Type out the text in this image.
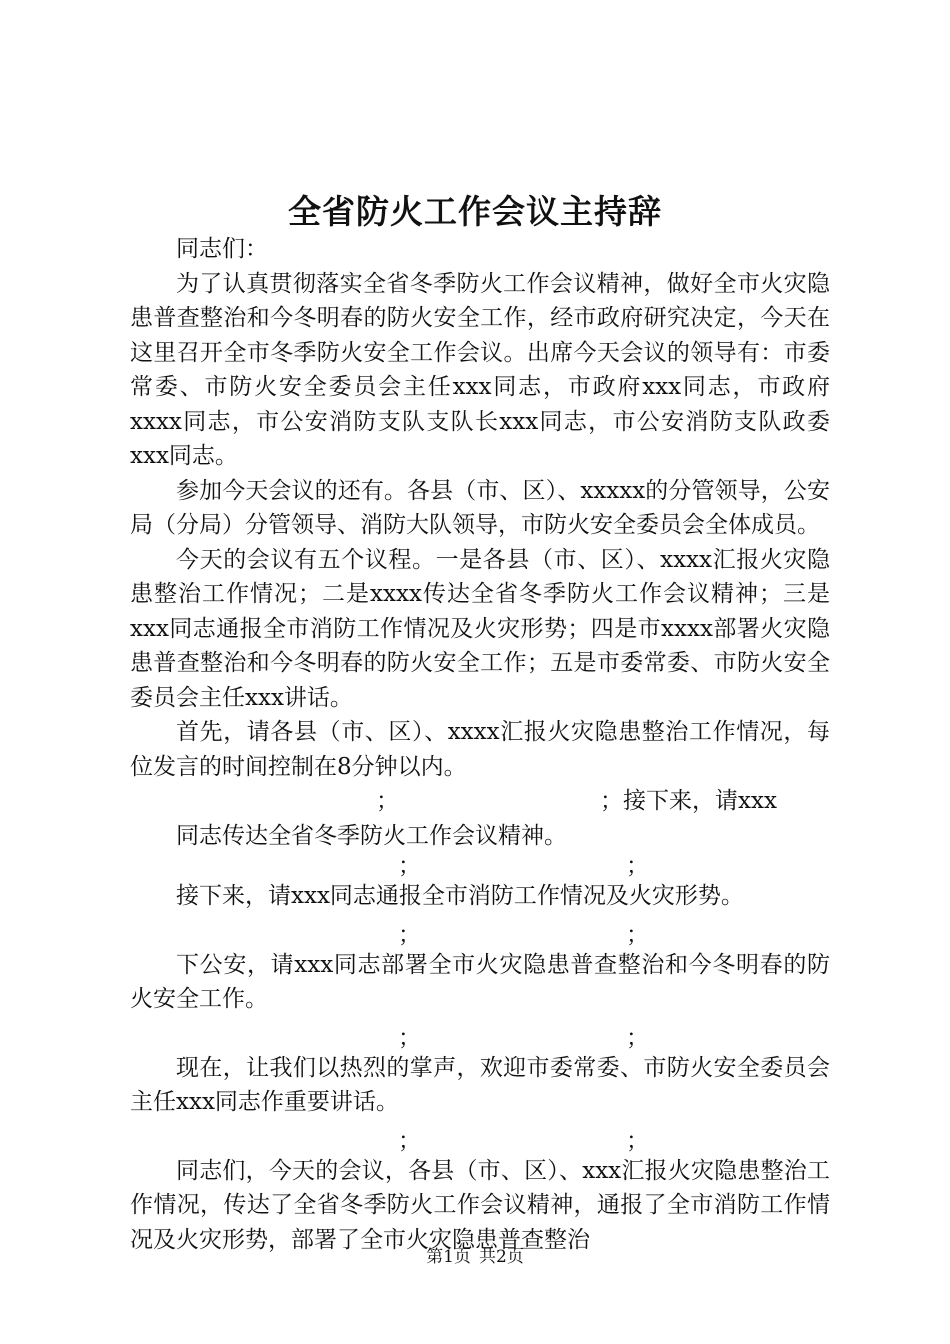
全省防火工作会议主持辞

同志们：

为了认真贯彻落实全省冬季防火工作会议精神，做好全市火灾隐患普查整治和今冬明春的防火安全工作，经市政府研究决定，今天在这里召开全市冬季防火安全工作会议。出席今天会议的领导有：市委常委、市防火安全委员会主任xxx同志，市政府xxx同志，市政府xxxx同志，市公安消防支队支队长xxx同志，市公安消防支队政委xxx同志。

参加今天会议的还有。各县（市、区）、xxxxx的分管领导，公安局（分局）分管领导、消防大队领导，市防火安全委员会全体成员。

今天的会议有五个议程。一是各县（市、区）、xxxx汇报火灾隐患整治工作情况；二是xxxx传达全省冬季防火工作会议精神；三是xxx同志通报全市消防工作情况及火灾形势；四是市xxxx部署火灾隐患普查整治和今冬明春的防火安全工作；五是市委常委、市防火安全委员会主任xxx讲话。

首先，请各县（市、区）、xxxx汇报火灾隐患整治工作情况，每位发言的时间控制在8分钟以内。

；	；接下来，请xxx

同志传达全省冬季防火工作会议精神。

；	；

接下来，请xxx同志通报全市消防工作情况及火灾形势。

；	；

下公安，请xxx同志部署全市火灾隐患普查整治和今冬明春的防火安全工作。

；	；

现在，让我们以热烈的掌声，欢迎市委常委、市防火安全委员会主任xxx同志作重要讲话。

；	；

同志们，今天的会议，各县（市、区）、xxx汇报火灾隐患整治工作情况，传达了全省冬季防火工作会议精神，通报了全市消防工作情况及火灾形势，部署了全市火灾隐患普查整治

第1页 共2页
